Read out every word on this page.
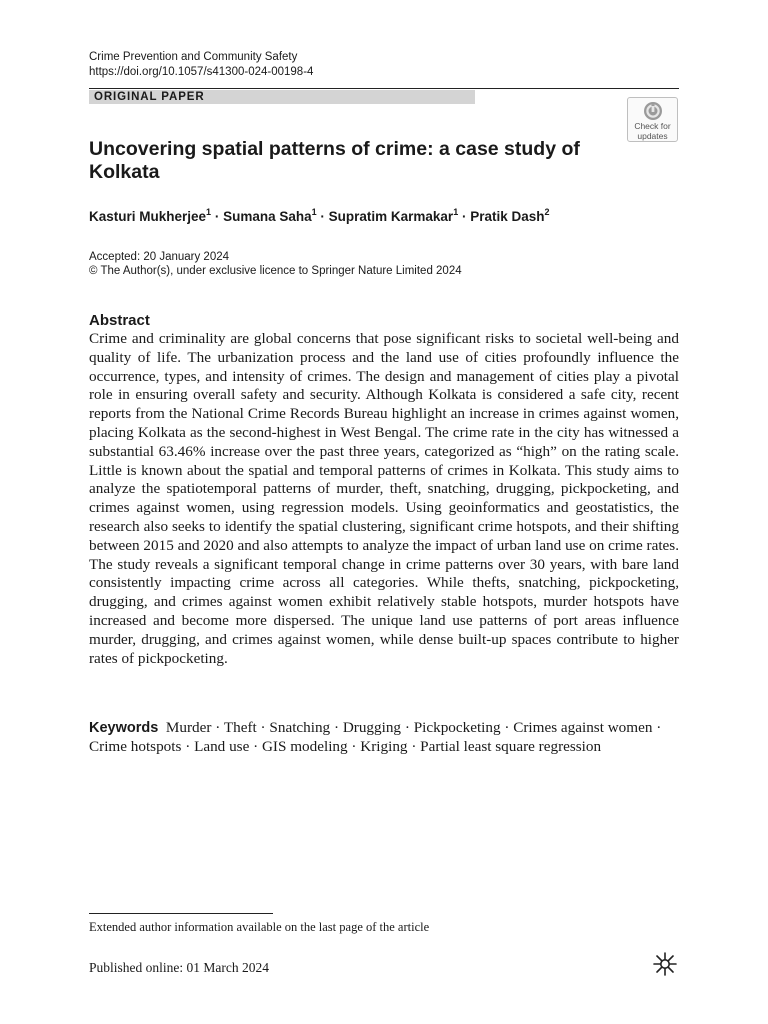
Crime Prevention and Community Safety
https://doi.org/10.1057/s41300-024-00198-4
ORIGINAL PAPER
Check for
updates
Uncovering spatial patterns of crime: a case study of Kolkata
Kasturi Mukherjee$^1$ · Sumana Saha$^1$ · Supratim Karmakar$^1$ · Pratik Dash$^2$
Accepted: 20 January 2024
© The Author(s), under exclusive licence to Springer Nature Limited 2024
Abstract
Crime and criminality are global concerns that pose significant risks to societal well-being and quality of life. The urbanization process and the land use of cities profoundly influence the occurrence, types, and intensity of crimes. The design and management of cities play a pivotal role in ensuring overall safety and security. Although Kolkata is considered a safe city, recent reports from the National Crime Records Bureau highlight an increase in crimes against women, placing Kolkata as the second-highest in West Bengal. The crime rate in the city has witnessed a substantial 63.46% increase over the past three years, categorized as “high” on the rating scale. Little is known about the spatial and temporal patterns of crimes in Kolkata. This study aims to analyze the spatiotemporal patterns of murder, theft, snatching, drugging, pickpocketing, and crimes against women, using regression models. Using geoinformatics and geostatistics, the research also seeks to identify the spatial clustering, significant crime hotspots, and their shifting between 2015 and 2020 and also attempts to analyze the impact of urban land use on crime rates. The study reveals a significant temporal change in crime patterns over 30 years, with bare land consistently impacting crime across all categories. While thefts, snatching, pickpocketing, drugging, and crimes against women exhibit relatively stable hotspots, murder hotspots have increased and become more dispersed. The unique land use patterns of port areas influence murder, drugging, and crimes against women, while dense built-up spaces contribute to higher rates of pickpocketing.
Keywords Murder · Theft · Snatching · Drugging · Pickpocketing · Crimes against women · Crime hotspots · Land use · GIS modeling · Kriging · Partial least square regression
Extended author information available on the last page of the article
Published online: 01 March 2024
